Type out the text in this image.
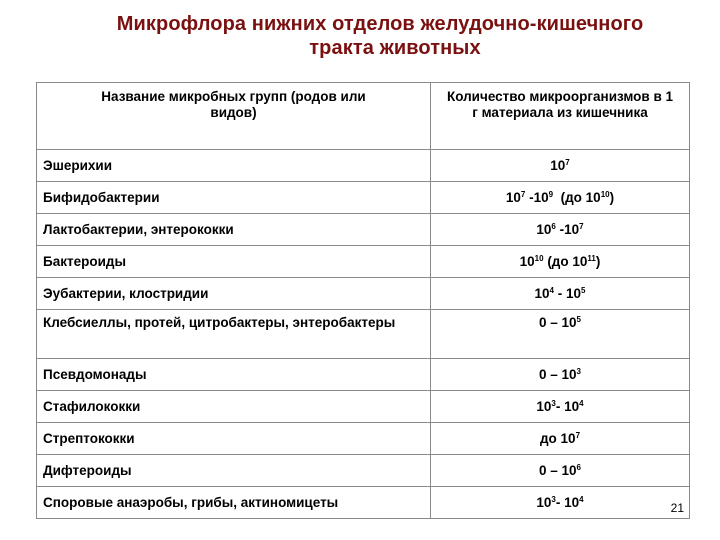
Микрофлора нижних отделов желудочно-кишечного
тракта животных
Название микробных групп (родов или видов)	Количество микроорганизмов в 1 г материала из кишечника
Эшерихии	$10^7$
Бифидобактерии	$10^7$ $-10^9$  (до $10^{10}$)
Лактобактерии, энтерококки	$10^6$ $-10^7$
Бактероиды	$10^{10}$ (до $10^{11}$)
Эубактерии, клостридии	$10^4 - 10^5$
Клебсиеллы, протей, цитробактеры, энтеробактеры	$0 - 10^5$
Псевдомонады	$0 - 10^3$
Стафилококки	$10^3-$ $10^4$
Стрептококки	до $10^7$
Дифтероиды	$0 - 10^6$
Споровые анаэробы, грибы, актиномицеты	$10^3-$ $10^4$
21
